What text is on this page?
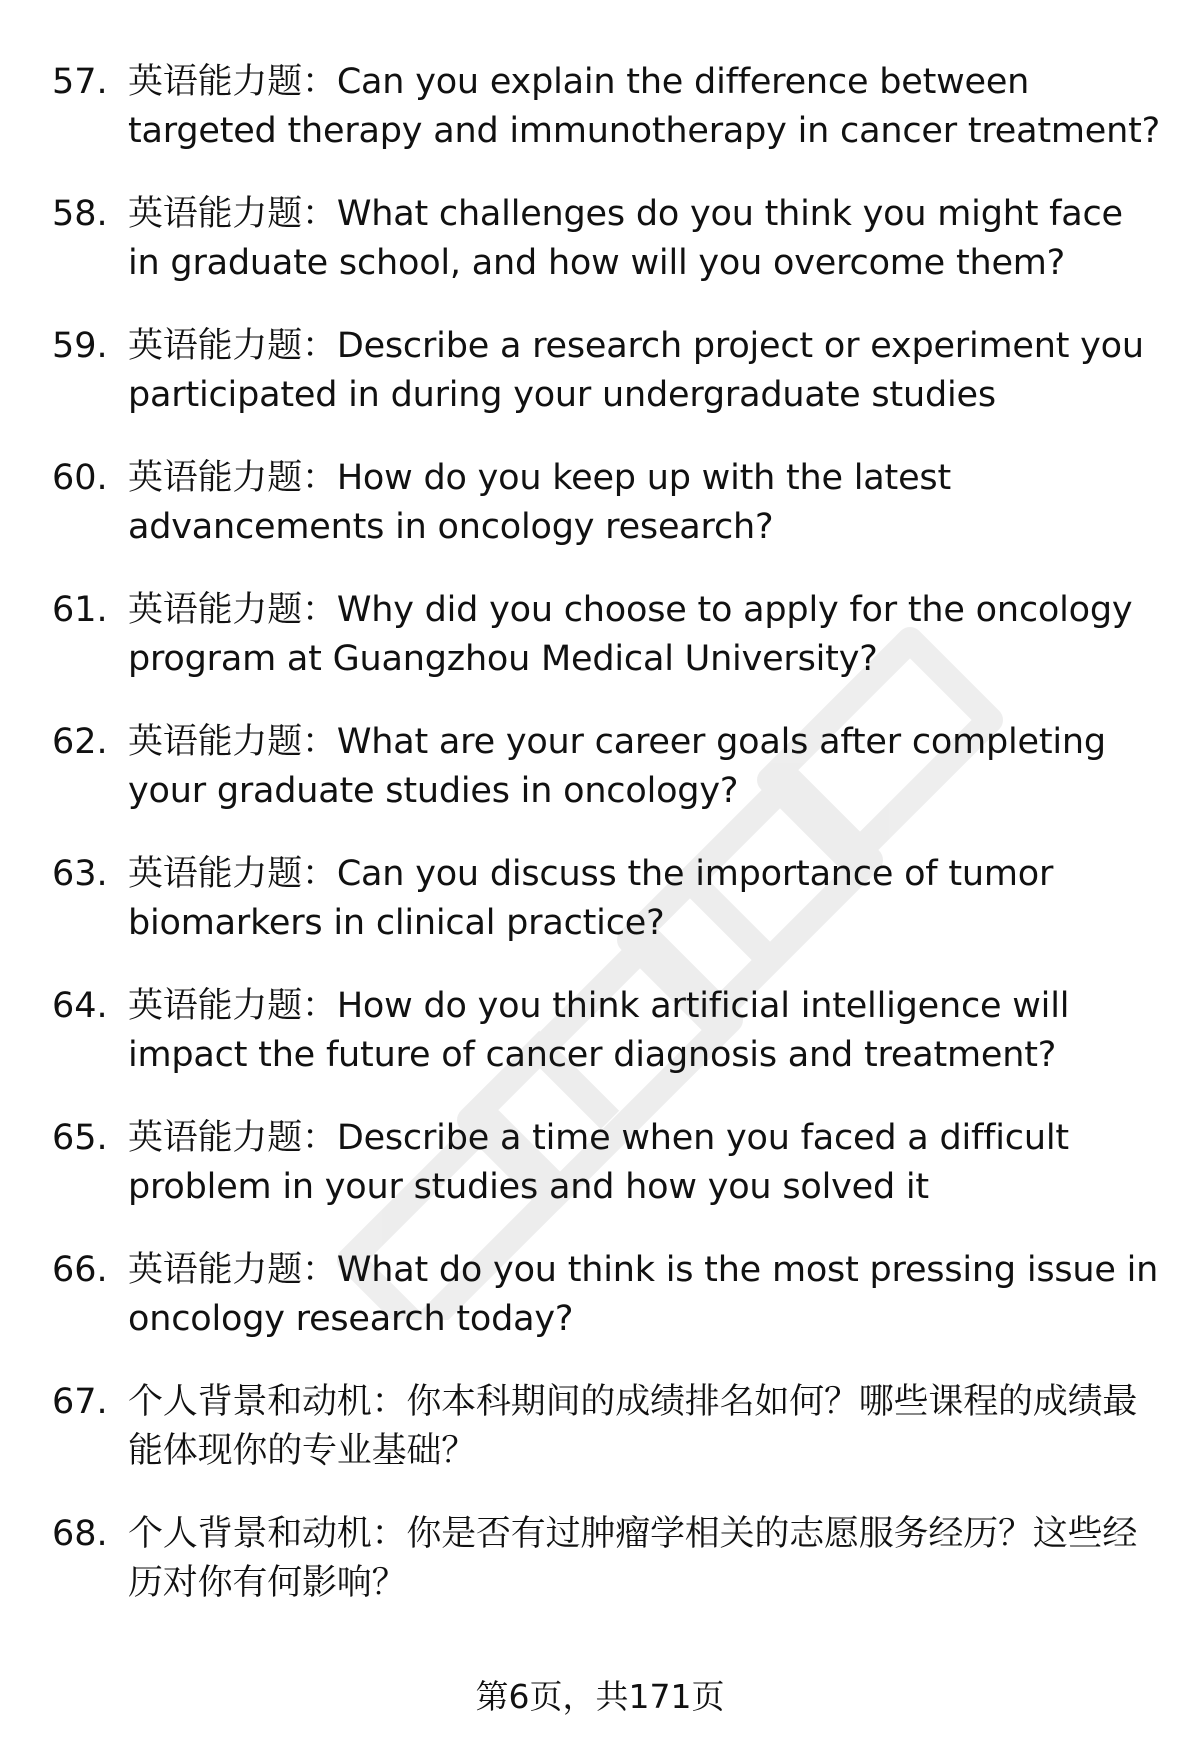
57. 英语能力题：Can you explain the difference between targeted therapy and immunotherapy in cancer treatment?
58. 英语能力题：What challenges do you think you might face in graduate school, and how will you overcome them?
59. 英语能力题：Describe a research project or experiment you participated in during your undergraduate studies
60. 英语能力题：How do you keep up with the latest advancements in oncology research?
61. 英语能力题：Why did you choose to apply for the oncology program at Guangzhou Medical University?
62. 英语能力题：What are your career goals after completing your graduate studies in oncology?
63. 英语能力题：Can you discuss the importance of tumor biomarkers in clinical practice?
64. 英语能力题：How do you think artificial intelligence will impact the future of cancer diagnosis and treatment?
65. 英语能力题：Describe a time when you faced a difficult problem in your studies and how you solved it
66. 英语能力题：What do you think is the most pressing issue in oncology research today?
67. 个人背景和动机：你本科期间的成绩排名如何？哪些课程的成绩最能体现你的专业基础？
68. 个人背景和动机：你是否有过肿瘤学相关的志愿服务经历？这些经历对你有何影响？
第6页，共171页
